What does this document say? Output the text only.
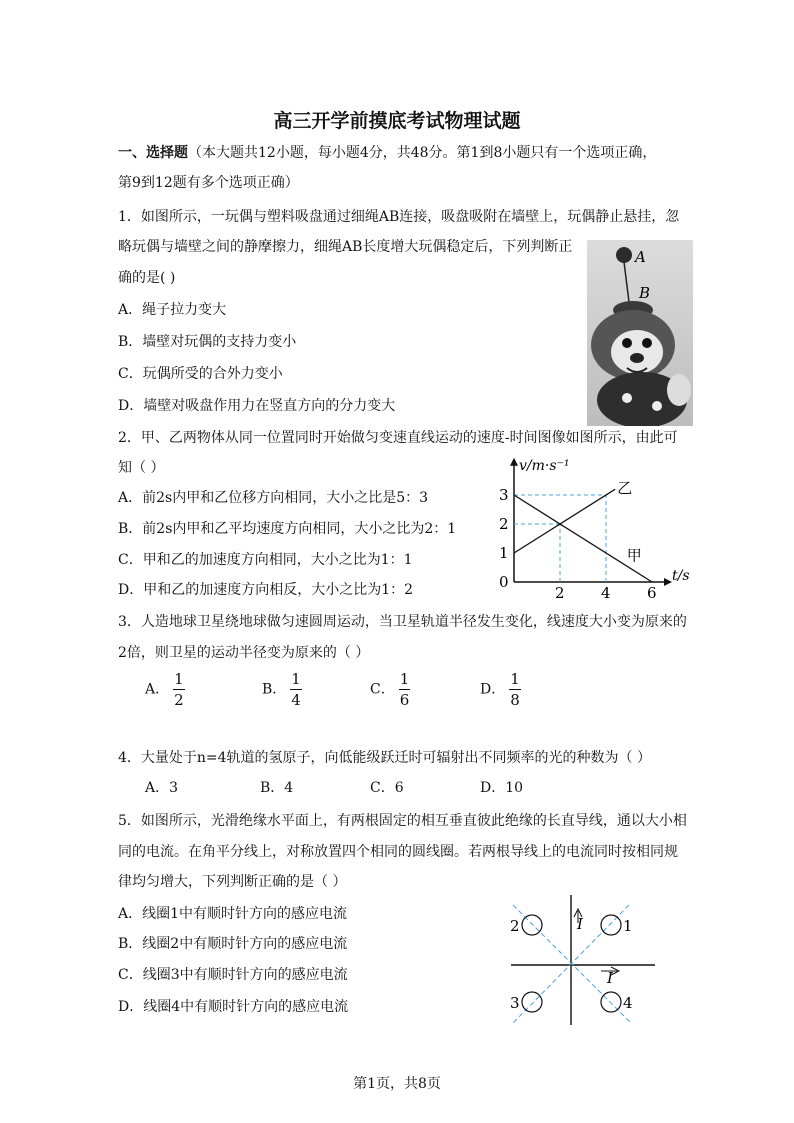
高三开学前摸底考试物理试题
一、选择题（本大题共12小题，每小题4分，共48分。第1到8小题只有一个选项正确，
第9到12题有多个选项正确）
1．如图所示，一玩偶与塑料吸盘通过细绳AB连接，吸盘吸附在墙壁上，玩偶静止悬挂，忽
略玩偶与墙壁之间的静摩擦力，细绳AB长度增大玩偶稳定后，下列判断正
确的是( )
A．绳子拉力变大
B．墙壁对玩偶的支持力变小
C．玩偶所受的合外力变小
D．墙壁对吸盘作用力在竖直方向的分力变大
A
B
2．甲、乙两物体从同一位置同时开始做匀变速直线运动的速度-时间图像如图所示，由此可
知（ ）
A．前2s内甲和乙位移方向相同，大小之比是5：3
B．前2s内甲和乙平均速度方向相同，大小之比为2：1
C．甲和乙的加速度方向相同，大小之比为1：1
D．甲和乙的加速度方向相反，大小之比为1：2
v/m·s⁻¹
t/s
0
1
2
3
2 4 6
甲
乙
3．人造地球卫星绕地球做匀速圆周运动，当卫星轨道半径发生变化，线速度大小变为原来的
2倍，则卫星的运动半径变为原来的（ ）
A． $\frac{1}{2}$	B． $\frac{1}{4}$	C． $\frac{1}{6}$	D． $\frac{1}{8}$
4．大量处于n=4轨道的氢原子，向低能级跃迁时可辐射出不同频率的光的种数为（ ）
A．3	B．4	C．6	D．10
5．如图所示，光滑绝缘水平面上，有两根固定的相互垂直彼此绝缘的长直导线，通以大小相
同的电流。在角平分线上，对称放置四个相同的圆线圈。若两根导线上的电流同时按相同规
律均匀增大，下列判断正确的是（ ）
A．线圈1中有顺时针方向的感应电流
B．线圈2中有顺时针方向的感应电流
C．线圈3中有顺时针方向的感应电流
D．线圈4中有顺时针方向的感应电流
I
I
1
2
3	4
第1页，共8页
